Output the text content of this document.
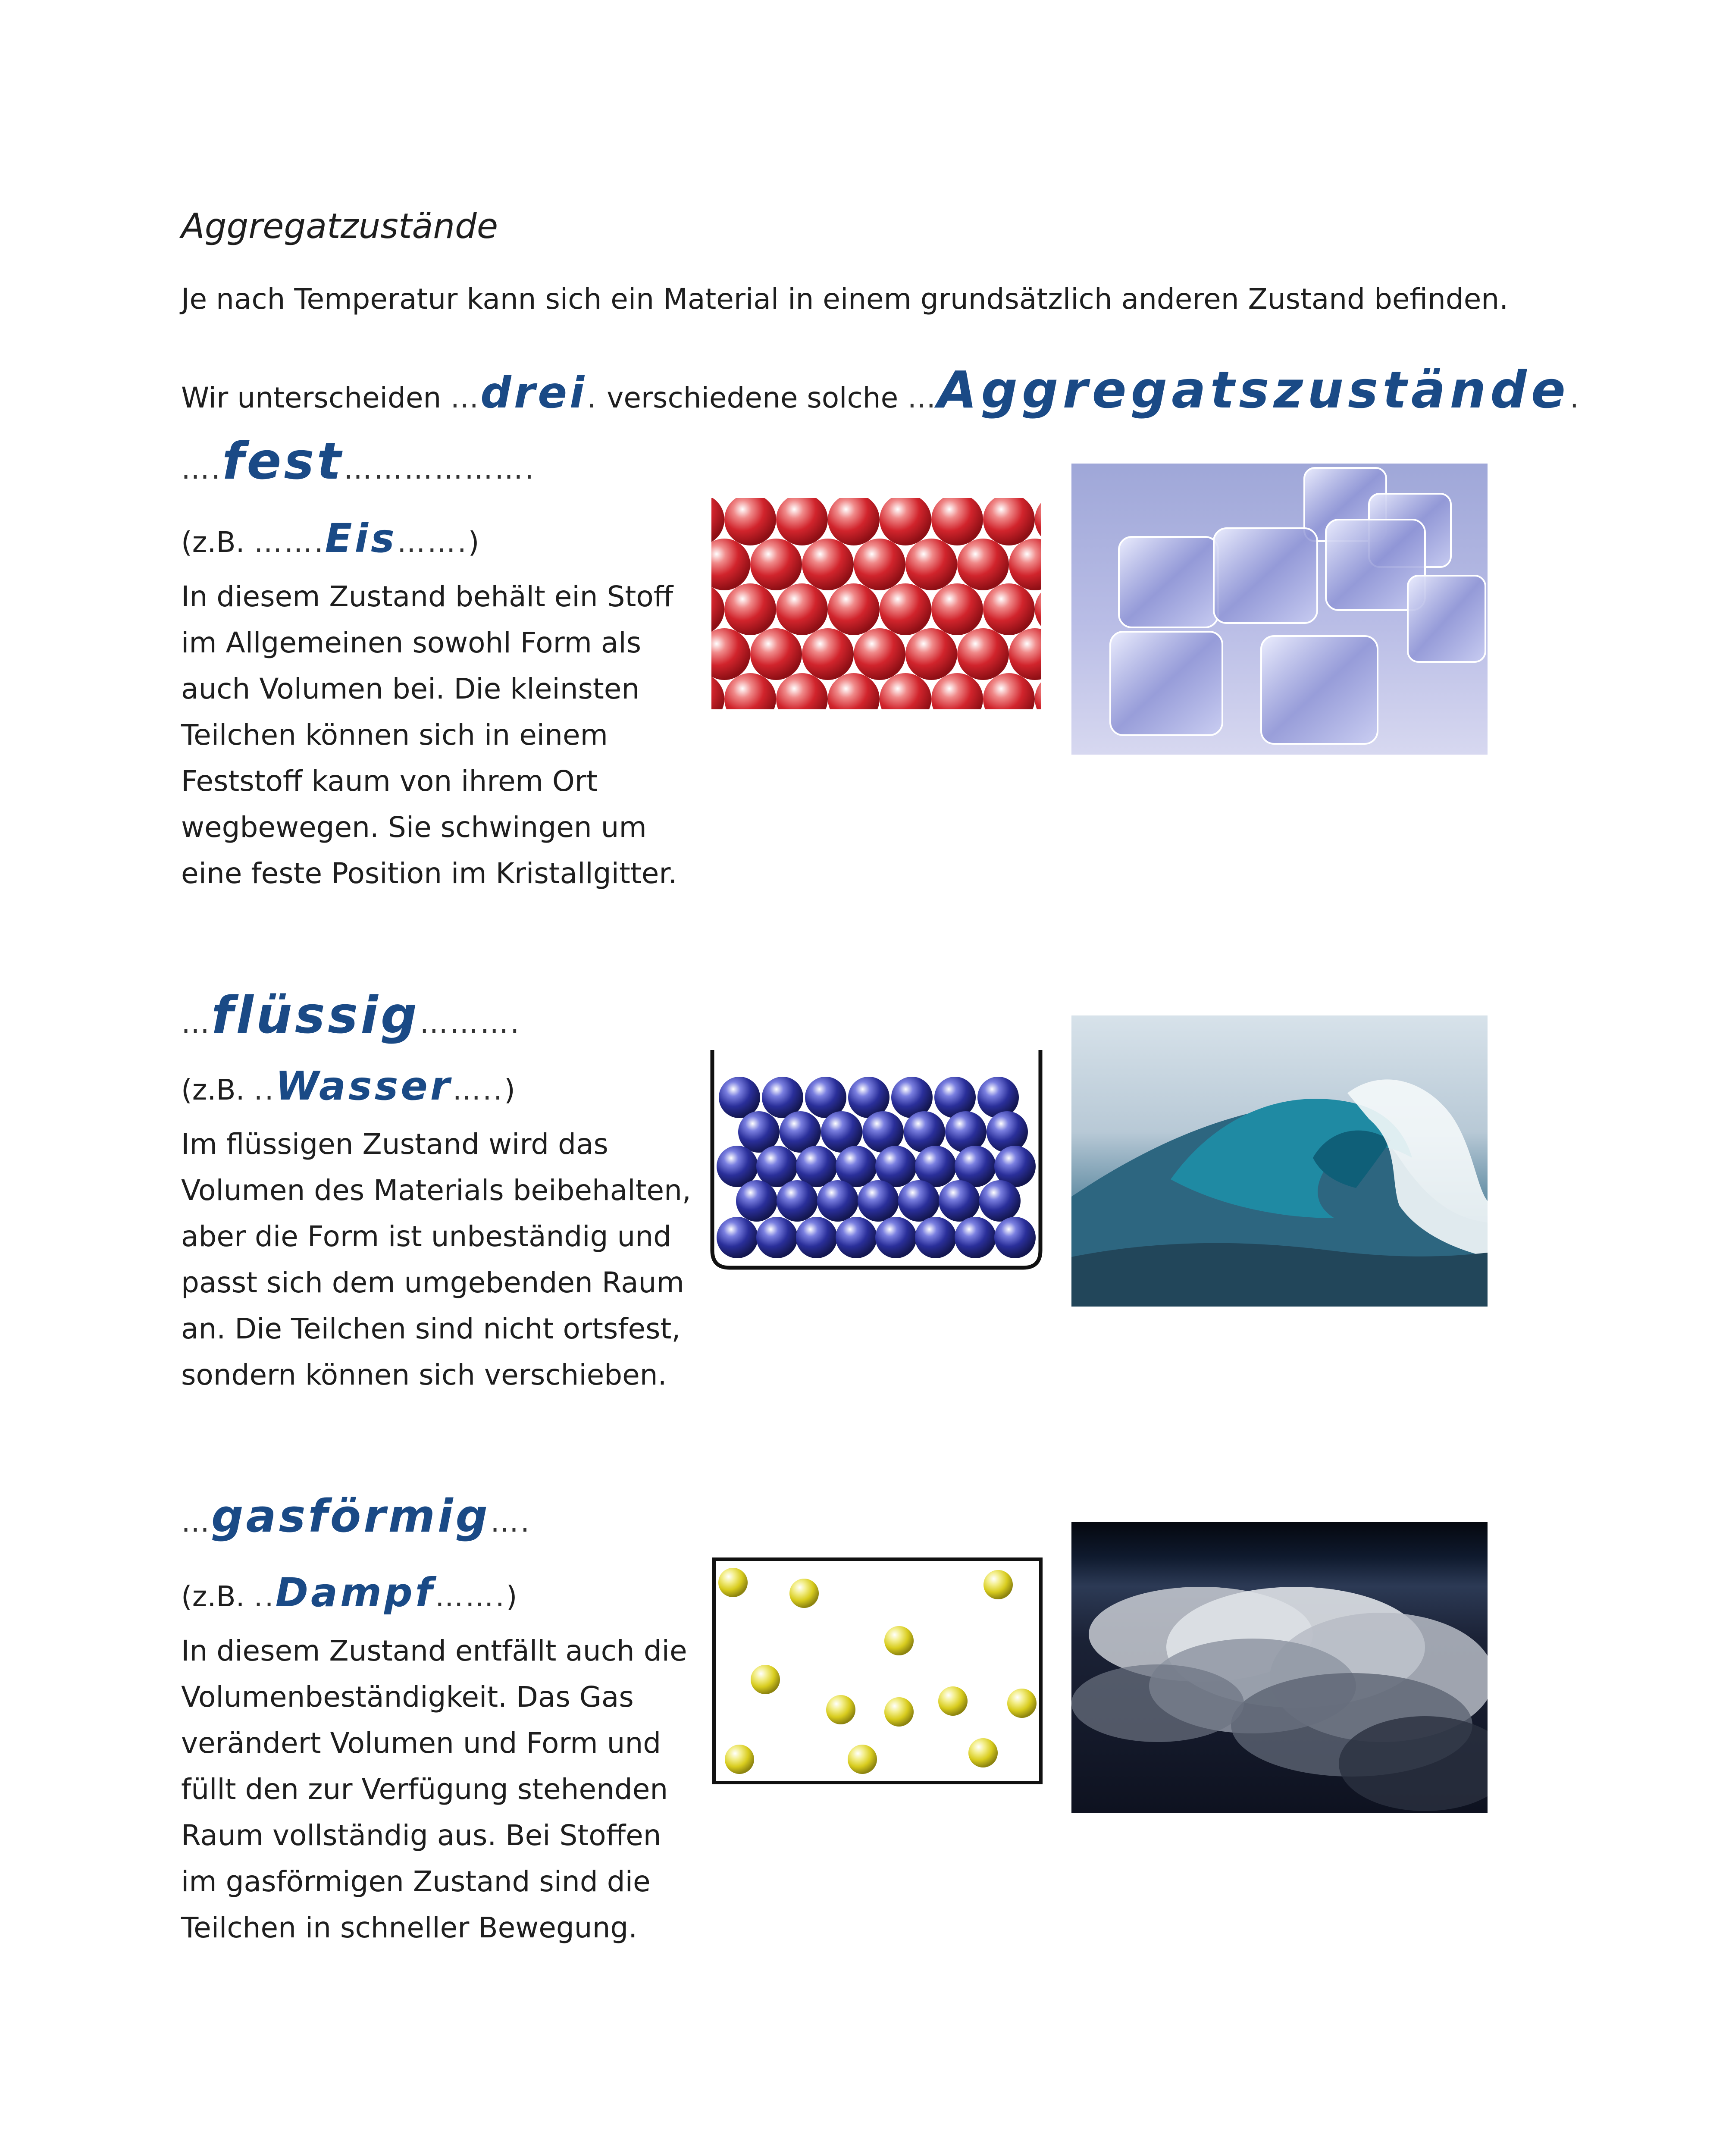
Aggregatzustände
Je nach Temperatur kann sich ein Material in einem grundsätzlich anderen Zustand befinden.
Wir unterscheiden …drei. verschiedene solche …Aggregatszustände.
….fest……………….
(z.B. …….Eis…….)
In diesem Zustand behält ein Stoff im Allgemeinen sowohl Form als auch Volumen bei. Die kleinsten Teilchen können sich in einem Feststoff kaum von ihrem Ort wegbewegen. Sie schwingen um eine feste Position im Kristallgitter.
…flüssig……….
(z.B. ..Wasser…..)
Im flüssigen Zustand wird das Volumen des Materials beibehalten, aber die Form ist unbeständig und passt sich dem umgebenden Raum an. Die Teilchen sind nicht ortsfest, sondern können sich verschieben.
…gasförmig….
(z.B. ..Dampf…….)
In diesem Zustand entfällt auch die Volumenbeständigkeit. Das Gas verändert Volumen und Form und füllt den zur Verfügung stehenden Raum vollständig aus. Bei Stoffen im gasförmigen Zustand sind die Teilchen in schneller Bewegung.
